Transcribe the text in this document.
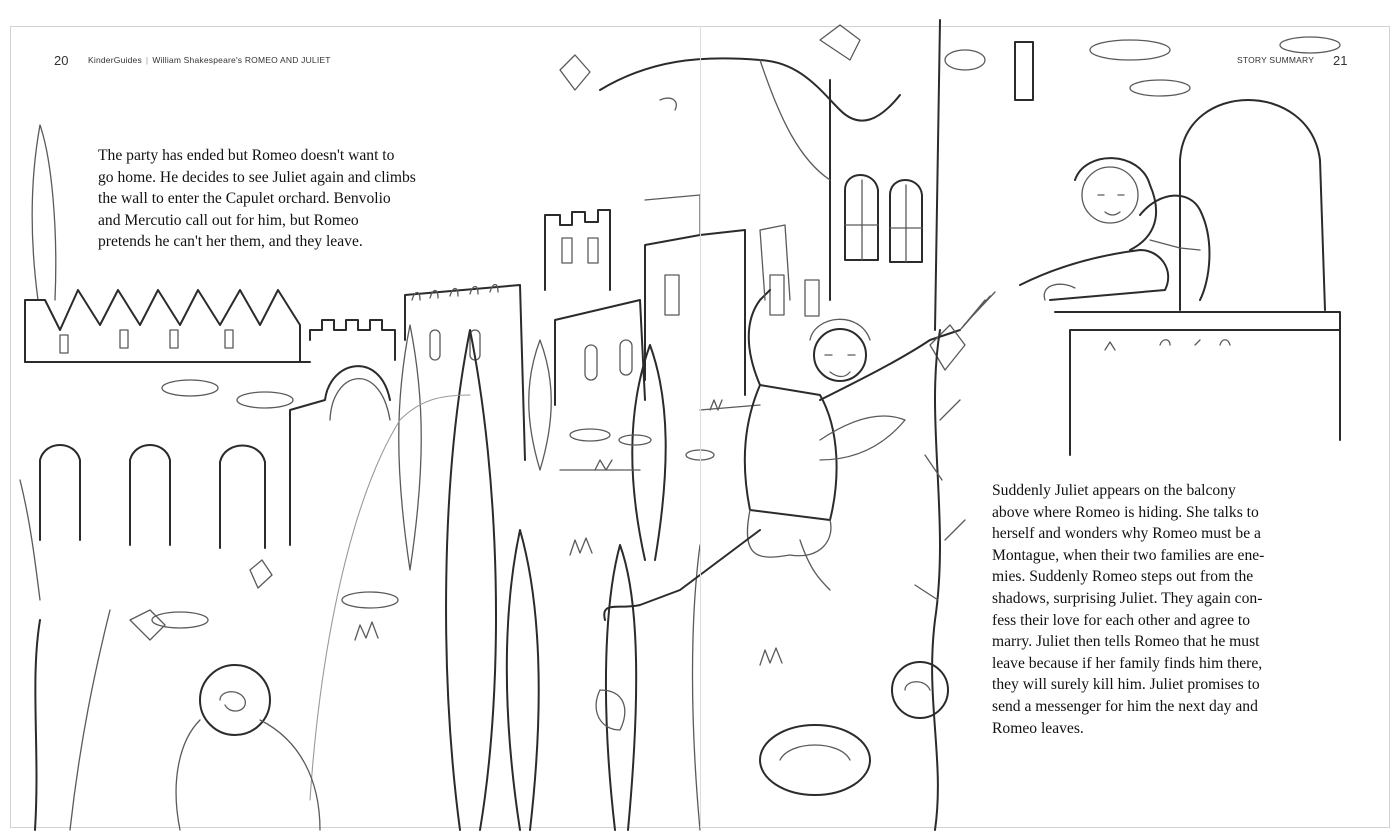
20 KinderGuides | William Shakespeare's ROMEO AND JULIET	STORY SUMMARY 21
The party has ended but Romeo doesn't want to
go home. He decides to see Juliet again and climbs
the wall to enter the Capulet orchard. Benvolio
and Mercutio call out for him, but Romeo
pretends he can't her them, and they leave.
Suddenly Juliet appears on the balcony
above where Romeo is hiding. She talks to
herself and wonders why Romeo must be a
Montague, when their two families are ene-
mies. Suddenly Romeo steps out from the
shadows, surprising Juliet. They again con-
fess their love for each other and agree to
marry. Juliet then tells Romeo that he must
leave because if her family finds him there,
they will surely kill him. Juliet promises to
send a messenger for him the next day and
Romeo leaves.
